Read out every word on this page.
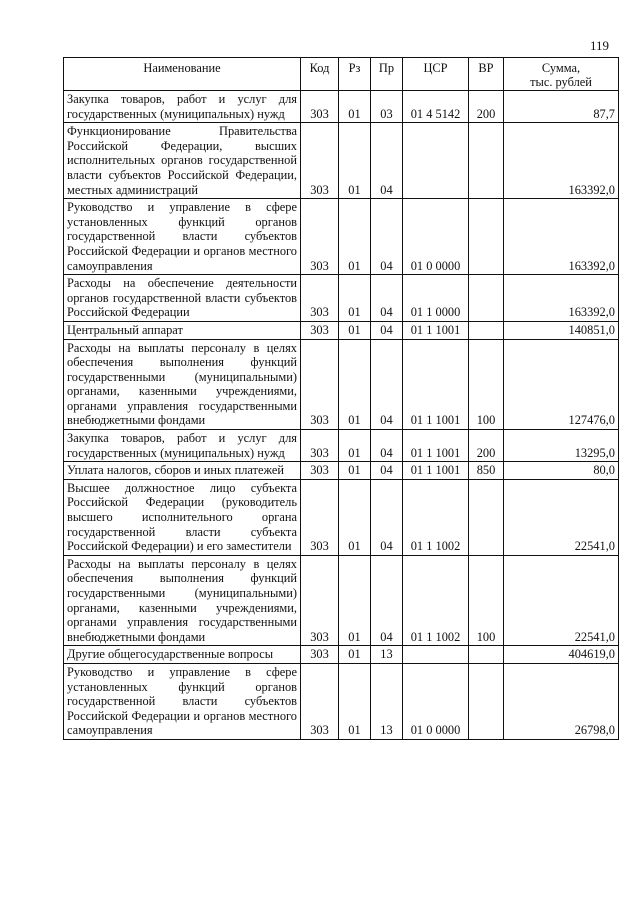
119
Наименование	Код	Рз	Пр	ЦСР	ВР	Сумма,
тыс. рублей

Закупка товаров, работ и услуг для государственных (муниципальных) нужд	303	01	03	01 4 5142	200	87,7
Функционирование Правительства Российской Федерации, высших исполнительных органов государственной власти субъектов Российской Федерации, местных администраций	303	01	04			163392,0
Руководство и управление в сфере установленных функций органов государственной власти субъектов Российской Федерации и органов местного самоуправления	303	01	04	01 0 0000		163392,0
Расходы на обеспечение деятельности органов государственной власти субъектов Российской Федерации	303	01	04	01 1 0000		163392,0
Центральный аппарат	303	01	04	01 1 1001		140851,0
Расходы на выплаты персоналу в целях обеспечения выполнения функций государственными (муниципальными) органами, казенными учреждениями, органами управления государственными внебюджетными фондами	303	01	04	01 1 1001	100	127476,0
Закупка товаров, работ и услуг для государственных (муниципальных) нужд	303	01	04	01 1 1001	200	13295,0
Уплата налогов, сборов и иных платежей	303	01	04	01 1 1001	850	80,0
Высшее должностное лицо субъекта Российской Федерации (руководитель высшего исполнительного органа государственной власти субъекта Российской Федерации) и его заместители	303	01	04	01 1 1002		22541,0
Расходы на выплаты персоналу в целях обеспечения выполнения функций государственными (муниципальными) органами, казенными учреждениями, органами управления государственными внебюджетными фондами	303	01	04	01 1 1002	100	22541,0
Другие общегосударственные вопросы	303	01	13			404619,0
Руководство и управление в сфере установленных функций органов государственной власти субъектов Российской Федерации и органов местного самоуправления	303	01	13	01 0 0000		26798,0
